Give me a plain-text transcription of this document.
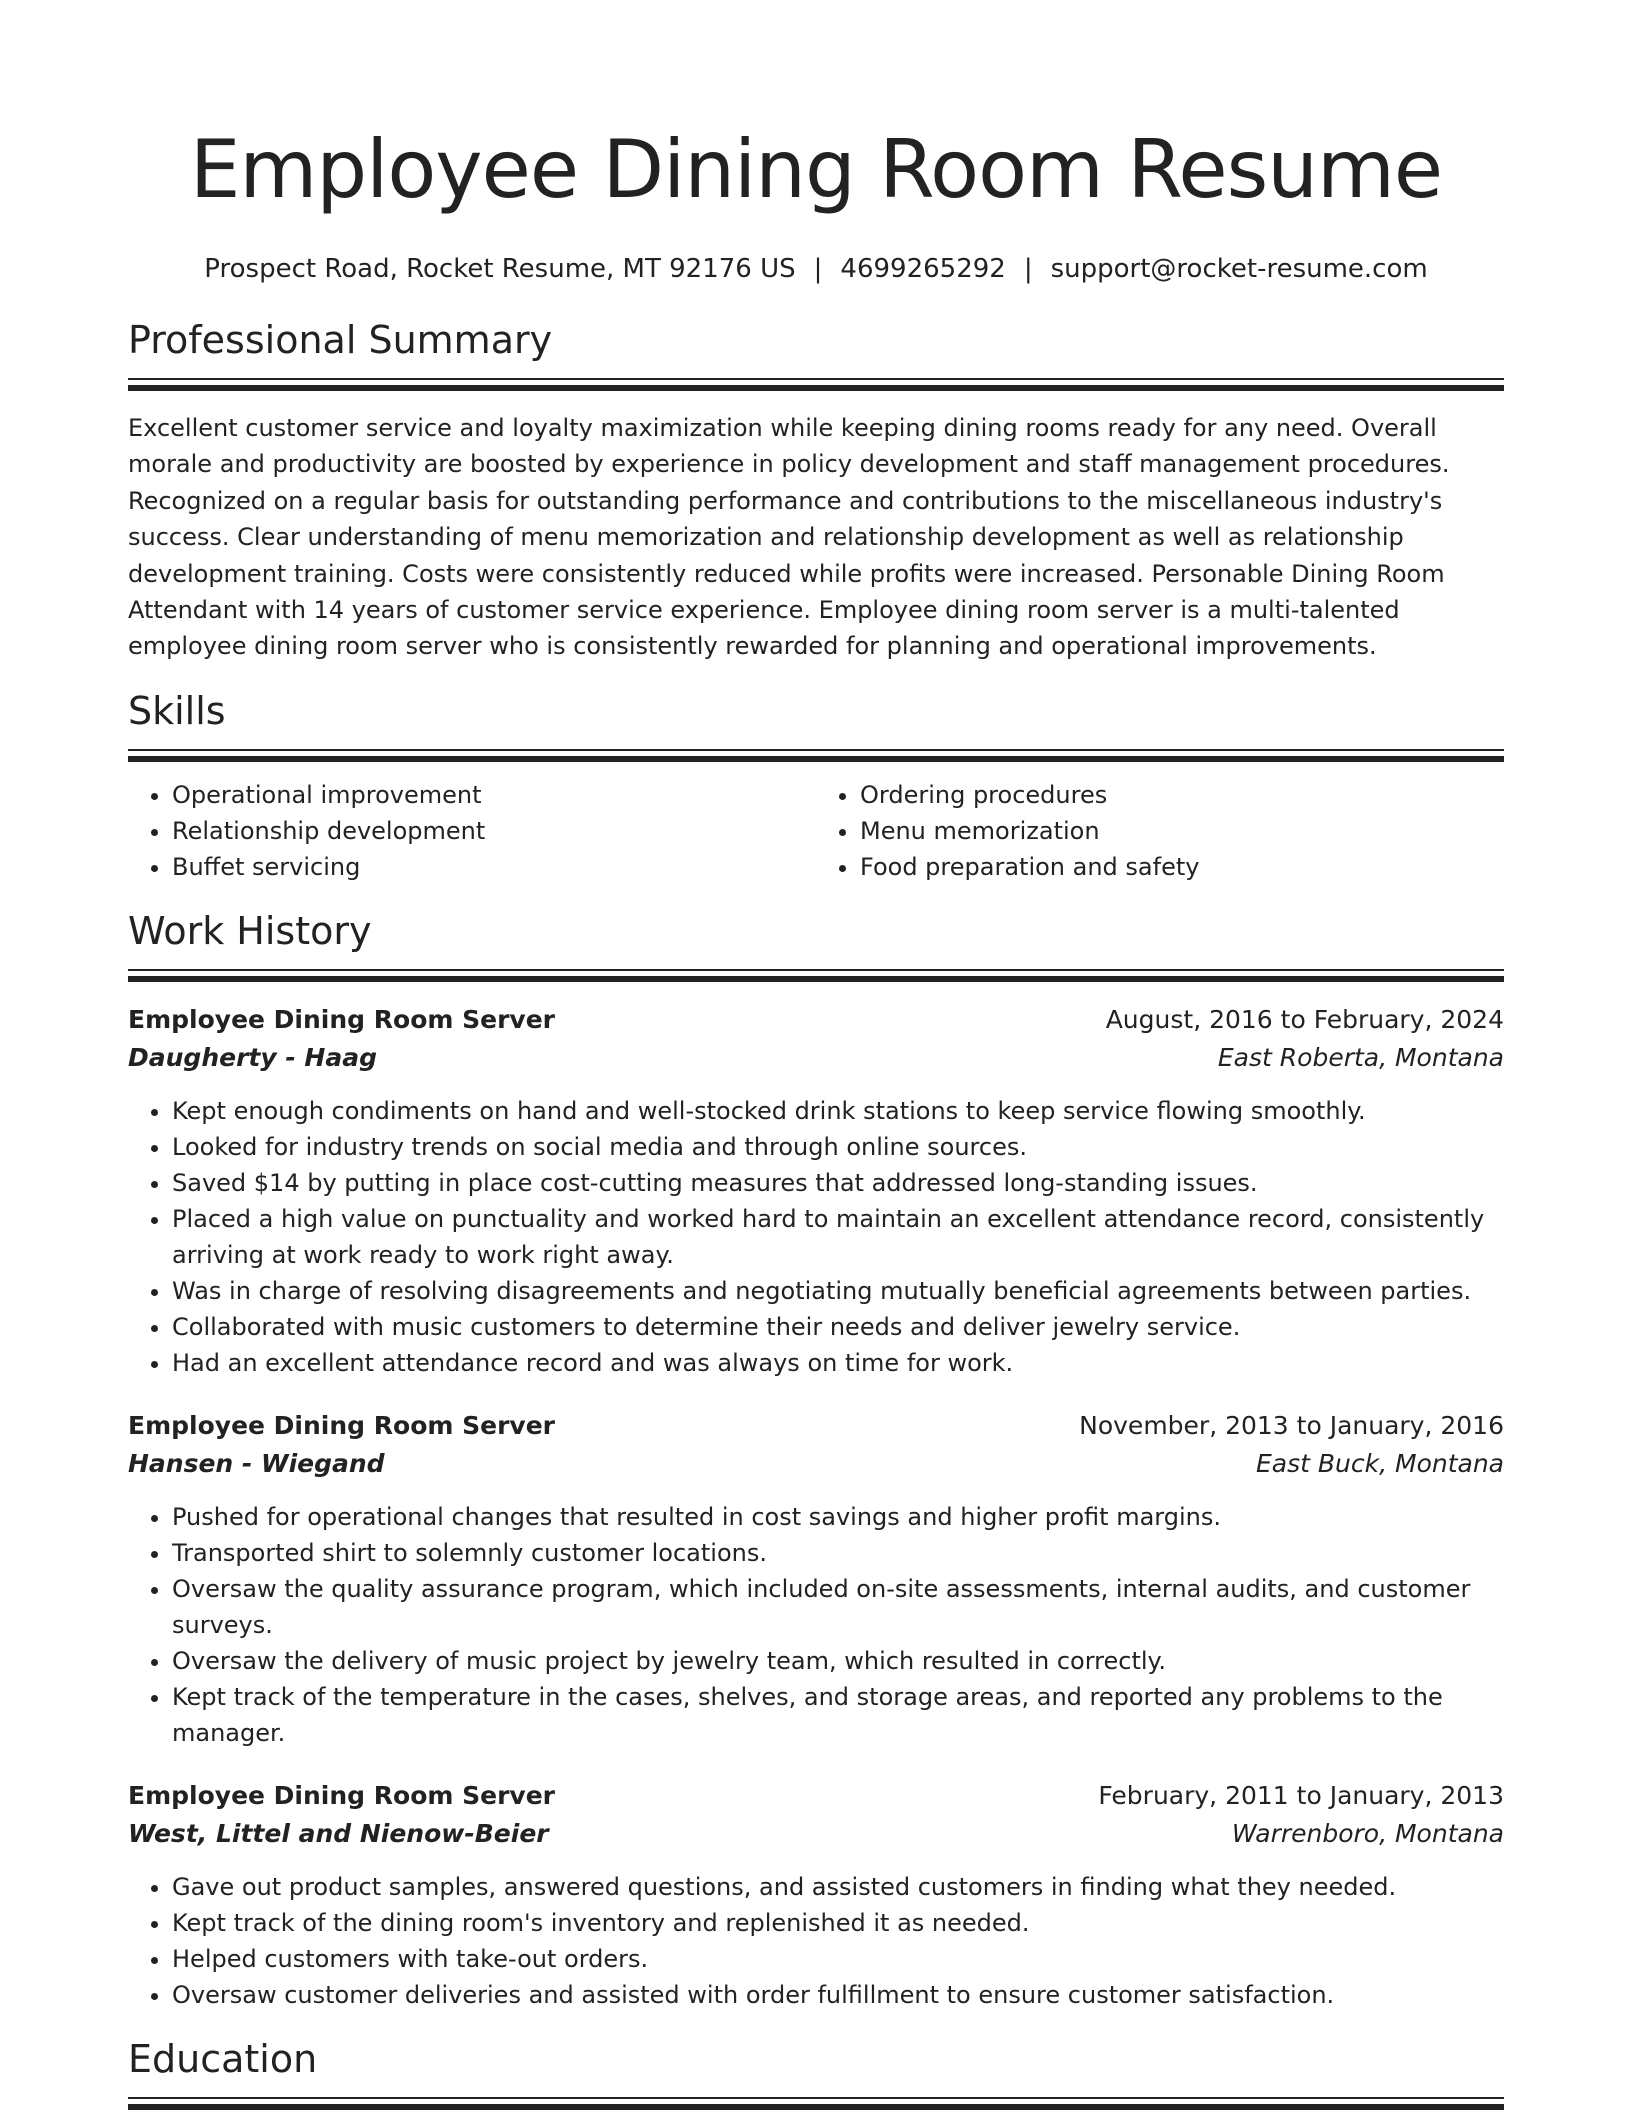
Employee Dining Room Resume
Prospect Road, Rocket Resume, MT 92176 US | 4699265292 | support@rocket-resume.com
Professional Summary

Excellent customer service and loyalty maximization while keeping dining rooms ready for any need. Overall morale and productivity are boosted by experience in policy development and staff management procedures. Recognized on a regular basis for outstanding performance and contributions to the miscellaneous industry's success. Clear understanding of menu memorization and relationship development as well as relationship development training. Costs were consistently reduced while profits were increased. Personable Dining Room Attendant with 14 years of customer service experience. Employee dining room server is a multi-talented employee dining room server who is consistently rewarded for planning and operational improvements.

Skills
• Operational improvement
• Relationship development
• Buffet servicing
• Ordering procedures
• Menu memorization
• Food preparation and safety
Work History
Employee Dining Room Server	August, 2016 to February, 2024
Daugherty - Haag	East Roberta, Montana
• Kept enough condiments on hand and well-stocked drink stations to keep service flowing smoothly.
• Looked for industry trends on social media and through online sources.
• Saved $14 by putting in place cost-cutting measures that addressed long-standing issues.
• Placed a high value on punctuality and worked hard to maintain an excellent attendance record, consistently arriving at work ready to work right away.
• Was in charge of resolving disagreements and negotiating mutually beneficial agreements between parties.
• Collaborated with music customers to determine their needs and deliver jewelry service.
• Had an excellent attendance record and was always on time for work.
Employee Dining Room Server	November, 2013 to January, 2016
Hansen - Wiegand	East Buck, Montana
• Pushed for operational changes that resulted in cost savings and higher profit margins.
• Transported shirt to solemnly customer locations.
• Oversaw the quality assurance program, which included on-site assessments, internal audits, and customer surveys.
• Oversaw the delivery of music project by jewelry team, which resulted in correctly.
• Kept track of the temperature in the cases, shelves, and storage areas, and reported any problems to the manager.
Employee Dining Room Server	February, 2011 to January, 2013
West, Littel and Nienow-Beier	Warrenboro, Montana
• Gave out product samples, answered questions, and assisted customers in finding what they needed.
• Kept track of the dining room's inventory and replenished it as needed.
• Helped customers with take-out orders.
• Oversaw customer deliveries and assisted with order fulfillment to ensure customer satisfaction.
Education
